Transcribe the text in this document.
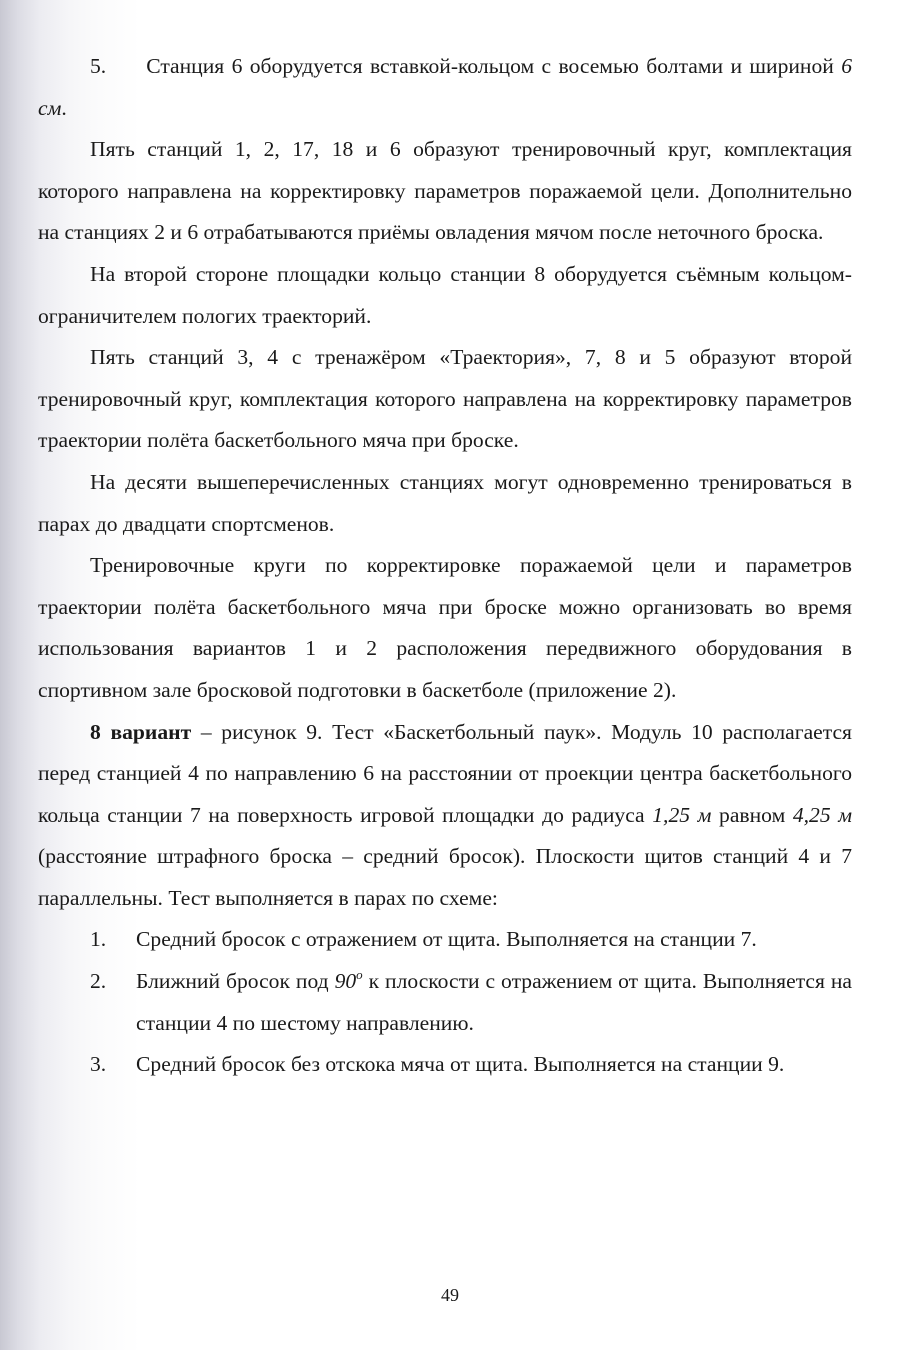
5. Станция 6 оборудуется вставкой-кольцом с восемью болтами и шириной 6 см.

Пять станций 1, 2, 17, 18 и 6 образуют тренировочный круг, комплектация которого направлена на корректировку параметров поражаемой цели. Дополнительно на станциях 2 и 6 отрабатываются приёмы овладения мячом после неточного броска.

На второй стороне площадки кольцо станции 8 оборудуется съёмным кольцом-ограничителем пологих траекторий.

Пять станций 3, 4 с тренажёром «Траектория», 7, 8 и 5 образуют второй тренировочный круг, комплектация которого направлена на корректировку параметров траектории полёта баскетбольного мяча при броске.

На десяти вышеперечисленных станциях могут одновременно тренироваться в парах до двадцати спортсменов.

Тренировочные круги по корректировке поражаемой цели и параметров траектории полёта баскетбольного мяча при броске можно организовать во время использования вариантов 1 и 2 расположения передвижного оборудования в спортивном зале бросковой подготовки в баскетболе (приложение 2).

8 вариант – рисунок 9. Тест «Баскетбольный паук». Модуль 10 располагается перед станцией 4 по направлению 6 на расстоянии от проекции центра баскетбольного кольца станции 7 на поверхность игровой площадки до радиуса 1,25 м равном 4,25 м (расстояние штрафного броска – средний бросок). Плоскости щитов станций 4 и 7 параллельны. Тест выполняется в парах по схеме:

1.	Средний бросок с отражением от щита. Выполняется на станции 7.
2.	Ближний бросок под 90$^o$ к плоскости с отражением от щита. Выполняется на станции 4 по шестому направлению.
3.	Средний бросок без отскока мяча от щита. Выполняется на станции 9.
49
